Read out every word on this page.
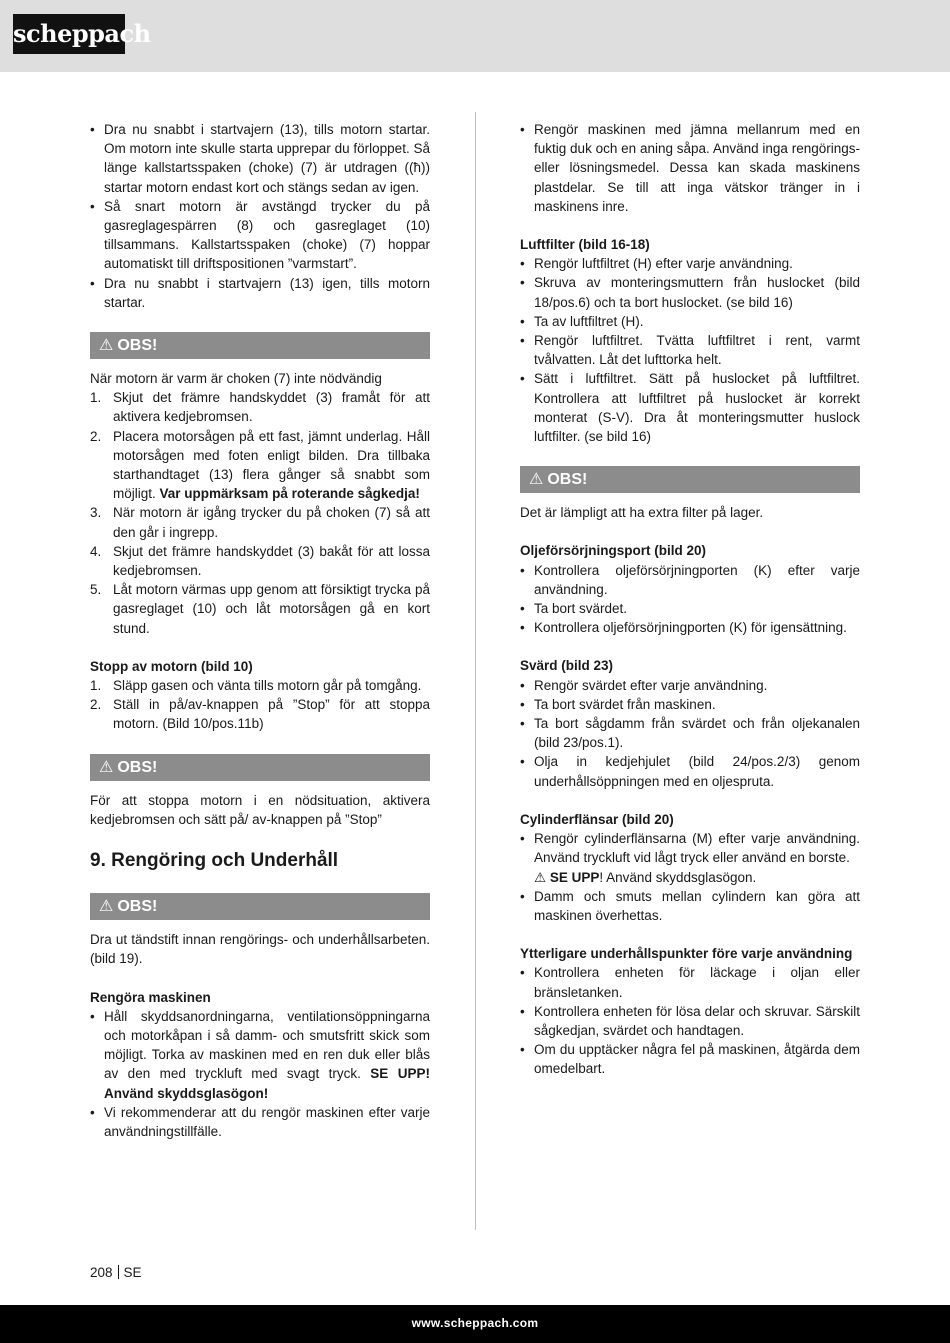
scheppach
• Dra nu snabbt i startvajern (13), tills motorn startar. Om motorn inte skulle starta upprepar du förloppet. Så länge kallstartsspaken (choke) (7) är utdragen ((ħ)) startar motorn endast kort och stängs sedan av igen.
• Så snart motorn är avstängd trycker du på gasreglagespärren (8) och gasreglaget (10) tillsammans. Kallstartsspaken (choke) (7) hoppar automatiskt till driftspositionen ”varmstart”.
• Dra nu snabbt i startvajern (13) igen, tills motorn startar.
⚠ OBS!

När motorn är varm är choken (7) inte nödvändig

1. Skjut det främre handskyddet (3) framåt för att aktivera kedjebromsen.
2. Placera motorsågen på ett fast, jämnt underlag. Håll motorsågen med foten enligt bilden. Dra tillbaka starthandtaget (13) flera gånger så snabbt som möjligt. Var uppmärksam på roterande sågkedja!
3. När motorn är igång trycker du på choken (7) så att den går i ingrepp.
4. Skjut det främre handskyddet (3) bakåt för att lossa kedjebromsen.
5. Låt motorn värmas upp genom att försiktigt trycka på gasreglaget (10) och låt motorsågen gå en kort stund.
Stopp av motorn (bild 10)
1. Släpp gasen och vänta tills motorn går på tomgång.
2. Ställ in på/av-knappen på ”Stop” för att stoppa motorn. (Bild 10/pos.11b)
⚠ OBS!

För att stoppa motorn i en nödsituation, aktivera kedjebromsen och sätt på/ av-knappen på ”Stop”

9. Rengöring och Underhåll
⚠ OBS!

Dra ut tändstift innan rengörings- och underhållsarbeten. (bild 19).

Rengöra maskinen
• Håll skyddsanordningarna, ventilationsöppningarna och motorkåpan i så damm- och smutsfritt skick som möjligt. Torka av maskinen med en ren duk eller blås av den med tryckluft med svagt tryck. SE UPP! Använd skyddsglasögon!
• Vi rekommenderar att du rengör maskinen efter varje användningstillfälle.
• Rengör maskinen med jämna mellanrum med en fuktig duk och en aning såpa. Använd inga rengörings- eller lösningsmedel. Dessa kan skada maskinens plastdelar. Se till att inga vätskor tränger in i maskinens inre.
Luftfilter (bild 16-18)
• Rengör luftfiltret (H) efter varje användning.
• Skruva av monteringsmuttern från huslocket (bild 18/pos.6) och ta bort huslocket. (se bild 16)
• Ta av luftfiltret (H).
• Rengör luftfiltret. Tvätta luftfiltret i rent, varmt tvålvatten. Låt det lufttorka helt.
• Sätt i luftfiltret. Sätt på huslocket på luftfiltret. Kontrollera att luftfiltret på huslocket är korrekt monterat (S-V). Dra åt monteringsmutter huslock luftfilter. (se bild 16)
⚠ OBS!

Det är lämpligt att ha extra filter på lager.

Oljeförsörjningsport (bild 20)
• Kontrollera oljeförsörjningporten (K) efter varje användning.
• Ta bort svärdet.
• Kontrollera oljeförsörjningporten (K) för igensättning.
Svärd (bild 23)
• Rengör svärdet efter varje användning.
• Ta bort svärdet från maskinen.
• Ta bort sågdamm från svärdet och från oljekanalen (bild 23/pos.1).
• Olja in kedjehjulet (bild 24/pos.2/3) genom underhållsöppningen med en oljespruta.
Cylinderflänsar (bild 20)
• Rengör cylinderflänsarna (M) efter varje användning. Använd tryckluft vid lågt tryck eller använd en borste.
⚠ SE UPP! Använd skyddsglasögon.
• Damm och smuts mellan cylindern kan göra att maskinen överhettas.
Ytterligare underhållspunkter före varje användning
• Kontrollera enheten för läckage i oljan eller bränsletanken.
• Kontrollera enheten för lösa delar och skruvar. Särskilt sågkedjan, svärdet och handtagen.
• Om du upptäcker några fel på maskinen, åtgärda dem omedelbart.
208 SE
www.scheppach.com
